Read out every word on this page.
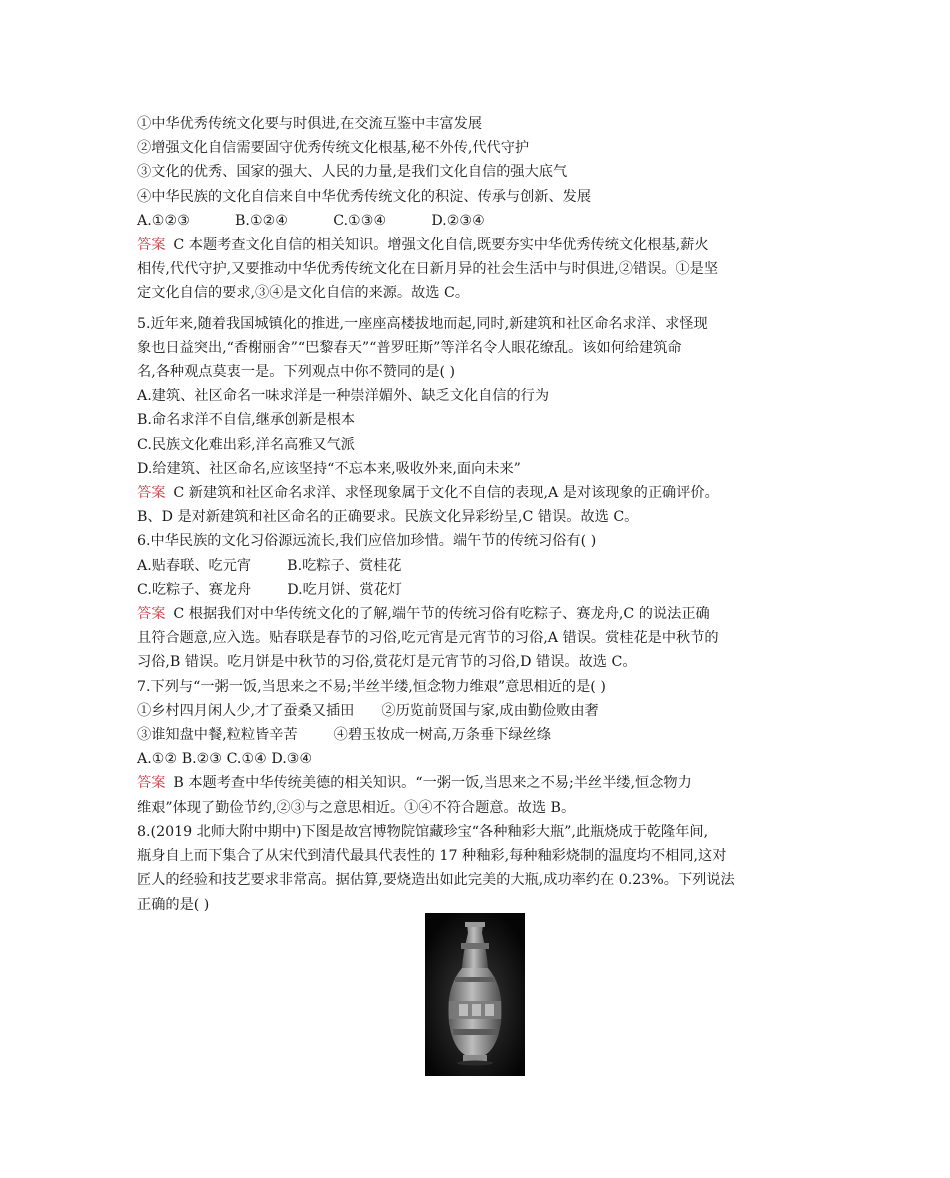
①中华优秀传统文化要与时俱进,在交流互鉴中丰富发展
②增强文化自信需要固守优秀传统文化根基,秘不外传,代代守护
③文化的优秀、国家的强大、人民的力量,是我们文化自信的强大底气
④中华民族的文化自信来自中华优秀传统文化的积淀、传承与创新、发展
A.①②③          B.①②④          C.①③④          D.②③④
答案 C 本题考查文化自信的相关知识。增强文化自信,既要夯实中华优秀传统文化根基,薪火
相传,代代守护,又要推动中华优秀传统文化在日新月异的社会生活中与时俱进,②错误。①是坚
定文化自信的要求,③④是文化自信的来源。故选 C。
5.近年来,随着我国城镇化的推进,一座座高楼拔地而起,同时,新建筑和社区命名求洋、求怪现
象也日益突出,“香榭丽舍”“巴黎春天”“普罗旺斯”等洋名令人眼花缭乱。该如何给建筑命
名,各种观点莫衷一是。下列观点中你不赞同的是( )
A.建筑、社区命名一味求洋是一种崇洋媚外、缺乏文化自信的行为
B.命名求洋不自信,继承创新是根本
C.民族文化难出彩,洋名高雅又气派
D.给建筑、社区命名,应该坚持“不忘本来,吸收外来,面向未来”
答案 C 新建筑和社区命名求洋、求怪现象属于文化不自信的表现,A 是对该现象的正确评价。
B、D 是对新建筑和社区命名的正确要求。民族文化异彩纷呈,C 错误。故选 C。
6.中华民族的文化习俗源远流长,我们应倍加珍惜。端午节的传统习俗有( )
A.贴春联、吃元宵        B.吃粽子、赏桂花
C.吃粽子、赛龙舟        D.吃月饼、赏花灯
答案 C 根据我们对中华传统文化的了解,端午节的传统习俗有吃粽子、赛龙舟,C 的说法正确
且符合题意,应入选。贴春联是春节的习俗,吃元宵是元宵节的习俗,A 错误。赏桂花是中秋节的
习俗,B 错误。吃月饼是中秋节的习俗,赏花灯是元宵节的习俗,D 错误。故选 C。
7.下列与“一粥一饭,当思来之不易;半丝半缕,恒念物力维艰”意思相近的是( )
①乡村四月闲人少,才了蚕桑又插田      ②历览前贤国与家,成由勤俭败由奢
③谁知盘中餐,粒粒皆辛苦        ④碧玉妆成一树高,万条垂下绿丝绦
A.①② B.②③ C.①④ D.③④
答案 B 本题考查中华传统美德的相关知识。“一粥一饭,当思来之不易;半丝半缕,恒念物力
维艰”体现了勤俭节约,②③与之意思相近。①④不符合题意。故选 B。
8.(2019 北师大附中期中)下图是故宫博物院馆藏珍宝“各种釉彩大瓶”,此瓶烧成于乾隆年间,
瓶身自上而下集合了从宋代到清代最具代表性的 17 种釉彩,每种釉彩烧制的温度均不相同,这对
匠人的经验和技艺要求非常高。据估算,要烧造出如此完美的大瓶,成功率约在 0.23%。下列说法
正确的是( )
